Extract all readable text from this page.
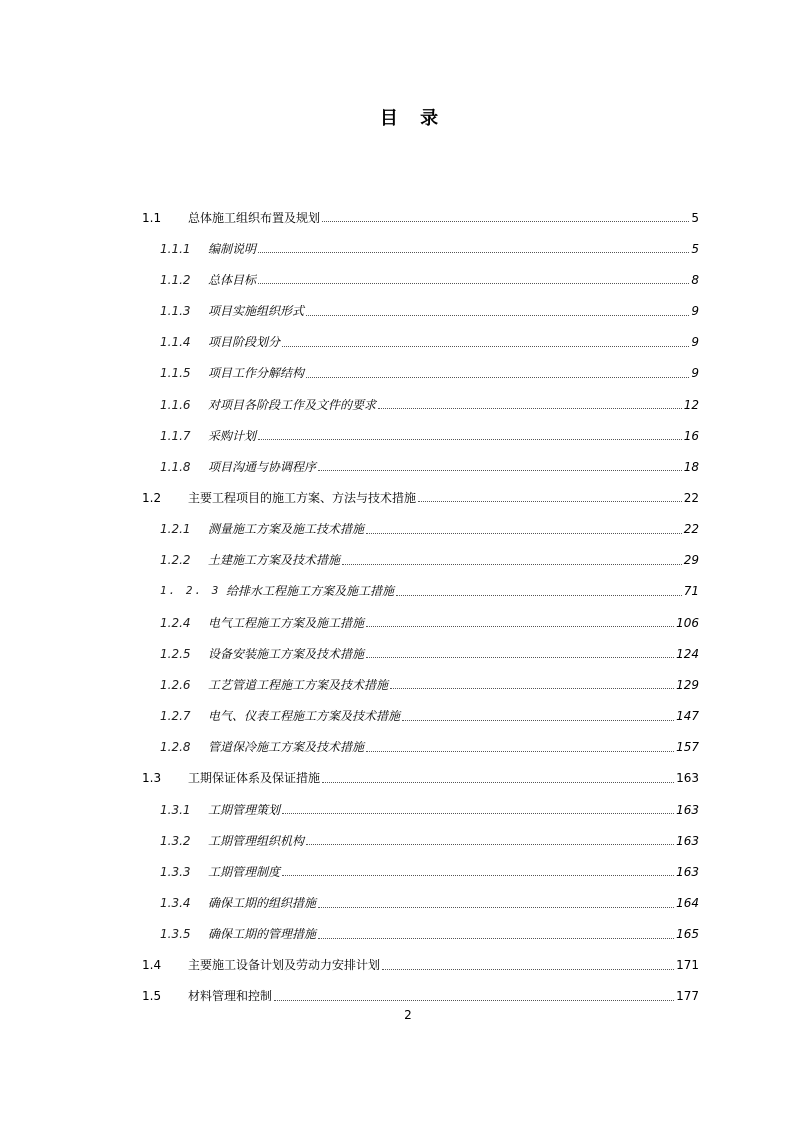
目 录
1.1	总体施工组织布置及规划	5
1.1.1	编制说明	5
1.1.2	总体目标	8
1.1.3	项目实施组织形式	9
1.1.4	项目阶段划分	9
1.1.5	项目工作分解结构	9
1.1.6	对项目各阶段工作及文件的要求	12
1.1.7	采购计划	16
1.1.8	项目沟通与协调程序	18
1.2	主要工程项目的施工方案、方法与技术措施	22
1.2.1	测量施工方案及施工技术措施	22
1.2.2	土建施工方案及技术措施	29
1. 2. 3 给排水工程施工方案及施工措施	71
1.2.4	电气工程施工方案及施工措施	106
1.2.5	设备安装施工方案及技术措施	124
1.2.6	工艺管道工程施工方案及技术措施	129
1.2.7	电气、仪表工程施工方案及技术措施	147
1.2.8	管道保冷施工方案及技术措施	157
1.3	工期保证体系及保证措施	163
1.3.1	工期管理策划	163
1.3.2	工期管理组织机构	163
1.3.3	工期管理制度	163
1.3.4	确保工期的组织措施	164
1.3.5	确保工期的管理措施	165
1.4	主要施工设备计划及劳动力安排计划	171
1.5	材料管理和控制	177
2
